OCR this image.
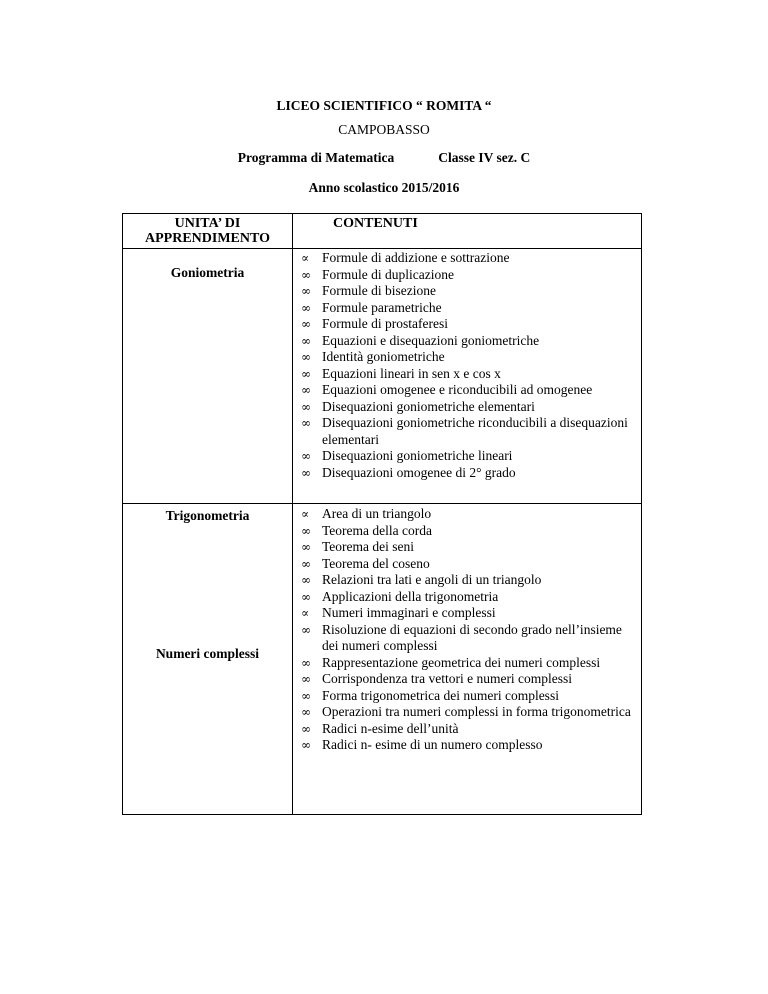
LICEO SCIENTIFICO “ ROMITA “
CAMPOBASSO
Programma di Matematica	Classe IV sez. C
Anno scolastico 2015/2016
UNITA’ DI
APPRENDIMENTO
CONTENUTI
Goniometria
Trigonometria
Numeri complessi
∝ Formule di addizione e sottrazione
∞ Formule di duplicazione
∞ Formule di bisezione
∞ Formule parametriche
∞ Formule di prostaferesi
∞ Equazioni e disequazioni goniometriche
∞ Identità goniometriche
∞ Equazioni lineari in sen x e cos x
∞ Equazioni omogenee e riconducibili ad omogenee
∞ Disequazioni goniometriche elementari
∞ Disequazioni goniometriche riconducibili a disequazioni elementari
∞ Disequazioni goniometriche lineari
∞ Disequazioni omogenee di 2° grado
∝ Area di un triangolo
∞ Teorema della corda
∞ Teorema dei seni
∞ Teorema del coseno
∞ Relazioni tra lati e angoli di un triangolo
∞ Applicazioni della trigonometria
∝ Numeri immaginari e complessi
∞ Risoluzione di equazioni di secondo grado nell’insieme dei numeri complessi
∞ Rappresentazione geometrica dei numeri complessi
∞ Corrispondenza tra vettori e numeri complessi
∞ Forma trigonometrica dei numeri complessi
∞ Operazioni tra numeri complessi in forma trigonometrica
∞ Radici n-esime dell’unità
∞ Radici n- esime di un numero complesso
